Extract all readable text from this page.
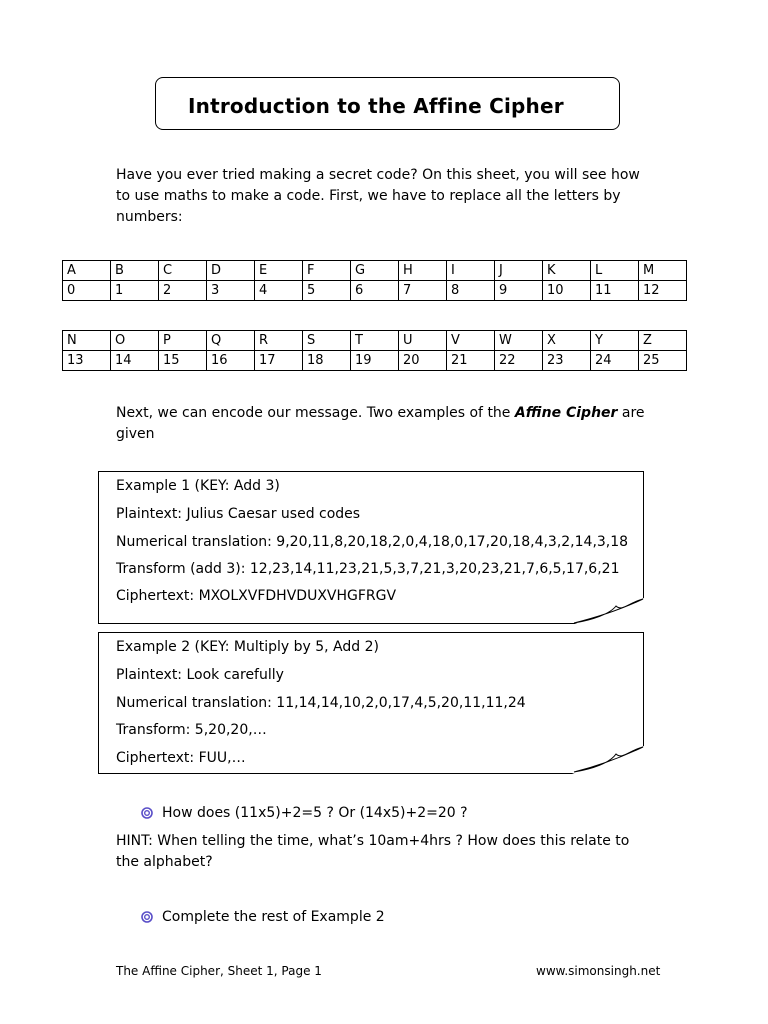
Introduction to the Affine Cipher
Have you ever tried making a secret code? On this sheet, you will see how
to use maths to make a code. First, we have to replace all the letters by
numbers:
A	B	C	D	E	F	G	H	I	J	K	L	M
0	1	2	3	4	5	6	7	8	9	10	11	12
N	O	P	Q	R	S	T	U	V	W	X	Y	Z
13	14	15	16	17	18	19	20	21	22	23	24	25
Next, we can encode our message. Two examples of the Affine Cipher are
given
Example 1 (KEY: Add 3)
Plaintext: Julius Caesar used codes
Numerical translation: 9,20,11,8,20,18,2,0,4,18,0,17,20,18,4,3,2,14,3,18
Transform (add 3): 12,23,14,11,23,21,5,3,7,21,3,20,23,21,7,6,5,17,6,21
Ciphertext: MXOLXVFDHVDUXVHGFRGV
Example 2 (KEY: Multiply by 5, Add 2)
Plaintext: Look carefully
Numerical translation: 11,14,14,10,2,0,17,4,5,20,11,11,24
Transform: 5,20,20,…
Ciphertext: FUU,…
How does (11x5)+2=5 ? Or (14x5)+2=20 ?
HINT: When telling the time, what’s 10am+4hrs ? How does this relate to
the alphabet?
Complete the rest of Example 2
The Affine Cipher, Sheet 1, Page 1	www.simonsingh.net
